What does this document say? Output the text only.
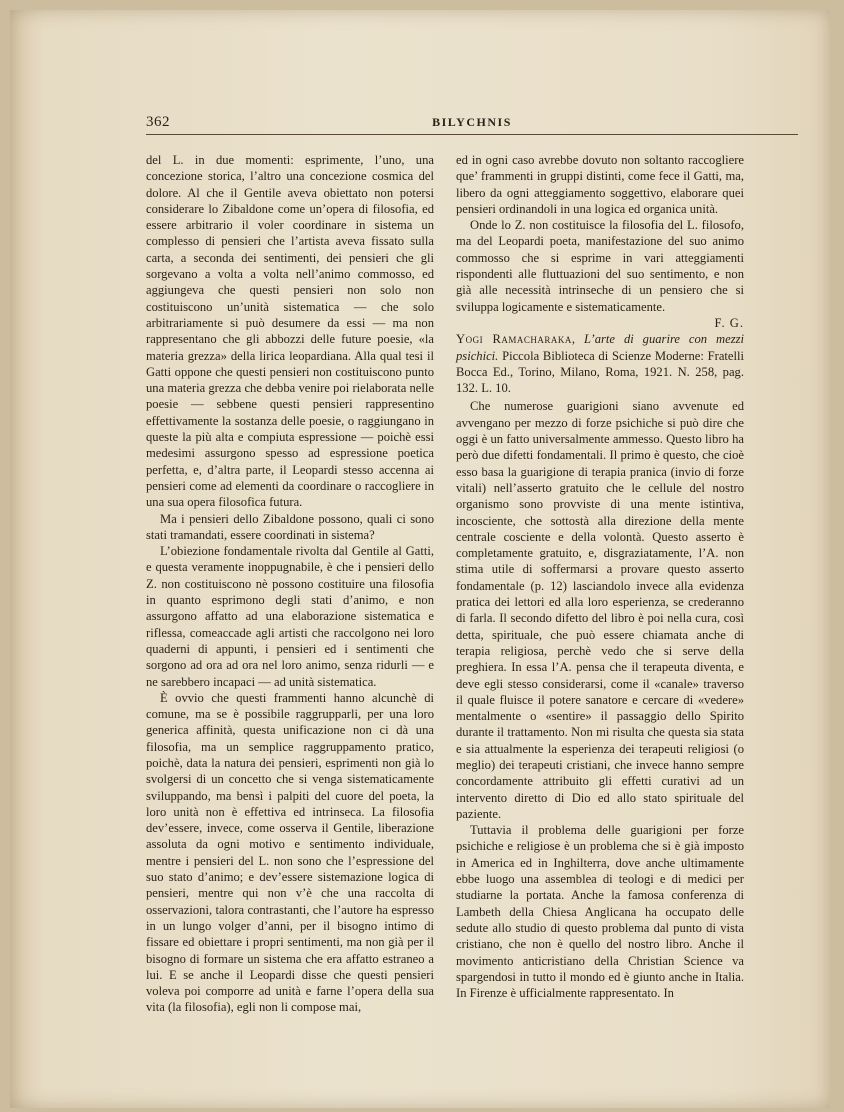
362	BILYCHNIS

del L. in due momenti: esprimente, l’uno, una concezione storica, l’altro una concezione cosmica del dolore. Al che il Gentile aveva obiettato non potersi considerare lo Zibaldone come un’opera di filosofia, ed essere arbitrario il voler coordinare in sistema un complesso di pensieri che l’artista aveva fissato sulla carta, a seconda dei sentimenti, dei pensieri che gli sorgevano a volta a volta nell’animo commosso, ed aggiungeva che questi pensieri non solo non costituiscono un’unità sistematica — che solo arbitrariamente si può desumere da essi — ma non rappresentano che gli abbozzi delle future poesie, «la materia grezza» della lirica leopardiana. Alla qual tesi il Gatti oppone che questi pensieri non costituiscono punto una materia grezza che debba venire poi rielaborata nelle poesie — sebbene questi pensieri rappresentino effettivamente la sostanza delle poesie, o raggiungano in queste la più alta e compiuta espressione — poichè essi medesimi assurgono spesso ad espressione poetica perfetta, e, d’altra parte, il Leopardi stesso accenna ai pensieri come ad elementi da coordinare o raccogliere in una sua opera filosofica futura.

Ma i pensieri dello Zibaldone possono, quali ci sono stati tramandati, essere coordinati in sistema?

L’obiezione fondamentale rivolta dal Gentile al Gatti, e questa veramente inoppugnabile, è che i pensieri dello Z. non costituiscono nè possono costituire una filosofia in quanto esprimono degli stati d’animo, e non assurgono affatto ad una elaborazione sistematica e riflessa, comeaccade agli artisti che raccolgono nei loro quaderni di appunti, i pensieri ed i sentimenti che sorgono ad ora ad ora nel loro animo, senza ridurli — e ne sarebbero incapaci — ad unità sistematica.

È ovvio che questi frammenti hanno alcunchè di comune, ma se è possibile raggrupparli, per una loro generica affinità, questa unificazione non ci dà una filosofia, ma un semplice raggruppamento pratico, poichè, data la natura dei pensieri, esprimenti non già lo svolgersi di un concetto che si venga sistematicamente sviluppando, ma bensì i palpiti del cuore del poeta, la loro unità non è effettiva ed intrinseca. La filosofia dev’essere, invece, come osserva il Gentile, liberazione assoluta da ogni motivo e sentimento individuale, mentre i pensieri del L. non sono che l’espressione del suo stato d’animo; e dev’essere sistemazione logica di pensieri, mentre qui non v’è che una raccolta di osservazioni, talora contrastanti, che l’autore ha espresso in un lungo volger d’anni, per il bisogno intimo di fissare ed obiettare i propri sentimenti, ma non già per il bisogno di formare un sistema che era affatto estraneo a lui. E se anche il Leopardi disse che questi pensieri voleva poi comporre ad unità e farne l’opera della sua vita (la filosofia), egli non li compose mai,

ed in ogni caso avrebbe dovuto non soltanto raccogliere que’ frammenti in gruppi distinti, come fece il Gatti, ma, libero da ogni atteggiamento soggettivo, elaborare quei pensieri ordinandoli in una logica ed organica unità.

Onde lo Z. non costituisce la filosofia del L. filosofo, ma del Leopardi poeta, manifestazione del suo animo commosso che si esprime in vari atteggiamenti rispondenti alle fluttuazioni del suo sentimento, e non già alle necessità intrinseche di un pensiero che si sviluppa logicamente e sistematicamente.

F. G.

Yogi Ramacharaka, L’arte di guarire con mezzi psichici. Piccola Biblioteca di Scienze Moderne: Fratelli Bocca Ed., Torino, Milano, Roma, 1921. N. 258, pag. 132. L. 10.

Che numerose guarigioni siano avvenute ed avvengano per mezzo di forze psichiche si può dire che oggi è un fatto universalmente ammesso. Questo libro ha però due difetti fondamentali. Il primo è questo, che cioè esso basa la guarigione di terapia pranica (invio di forze vitali) nell’asserto gratuito che le cellule del nostro organismo sono provviste di una mente istintiva, incosciente, che sottostà alla direzione della mente centrale cosciente e della volontà. Questo asserto è completamente gratuito, e, disgraziatamente, l’A. non stima utile di soffermarsi a provare questo asserto fondamentale (p. 12) lasciandolo invece alla evidenza pratica dei lettori ed alla loro esperienza, se crederanno di farla. Il secondo difetto del libro è poi nella cura, così detta, spirituale, che può essere chiamata anche di terapia religiosa, perchè vedo che si serve della preghiera. In essa l’A. pensa che il terapeuta diventa, e deve egli stesso considerarsi, come il «canale» traverso il quale fluisce il potere sanatore e cercare di «vedere» mentalmente o «sentire» il passaggio dello Spirito durante il trattamento. Non mi risulta che questa sia stata e sia attualmente la esperienza dei terapeuti religiosi (o meglio) dei terapeuti cristiani, che invece hanno sempre concordamente attribuito gli effetti curativi ad un intervento diretto di Dio ed allo stato spirituale del paziente.

Tuttavia il problema delle guarigioni per forze psichiche e religiose è un problema che si è già imposto in America ed in Inghilterra, dove anche ultimamente ebbe luogo una assemblea di teologi e di medici per studiarne la portata. Anche la famosa conferenza di Lambeth della Chiesa Anglicana ha occupato delle sedute allo studio di questo problema dal punto di vista cristiano, che non è quello del nostro libro. Anche il movimento anticristiano della Christian Science va spargendosi in tutto il mondo ed è giunto anche in Italia. In Firenze è ufficialmente rappresentato. In
